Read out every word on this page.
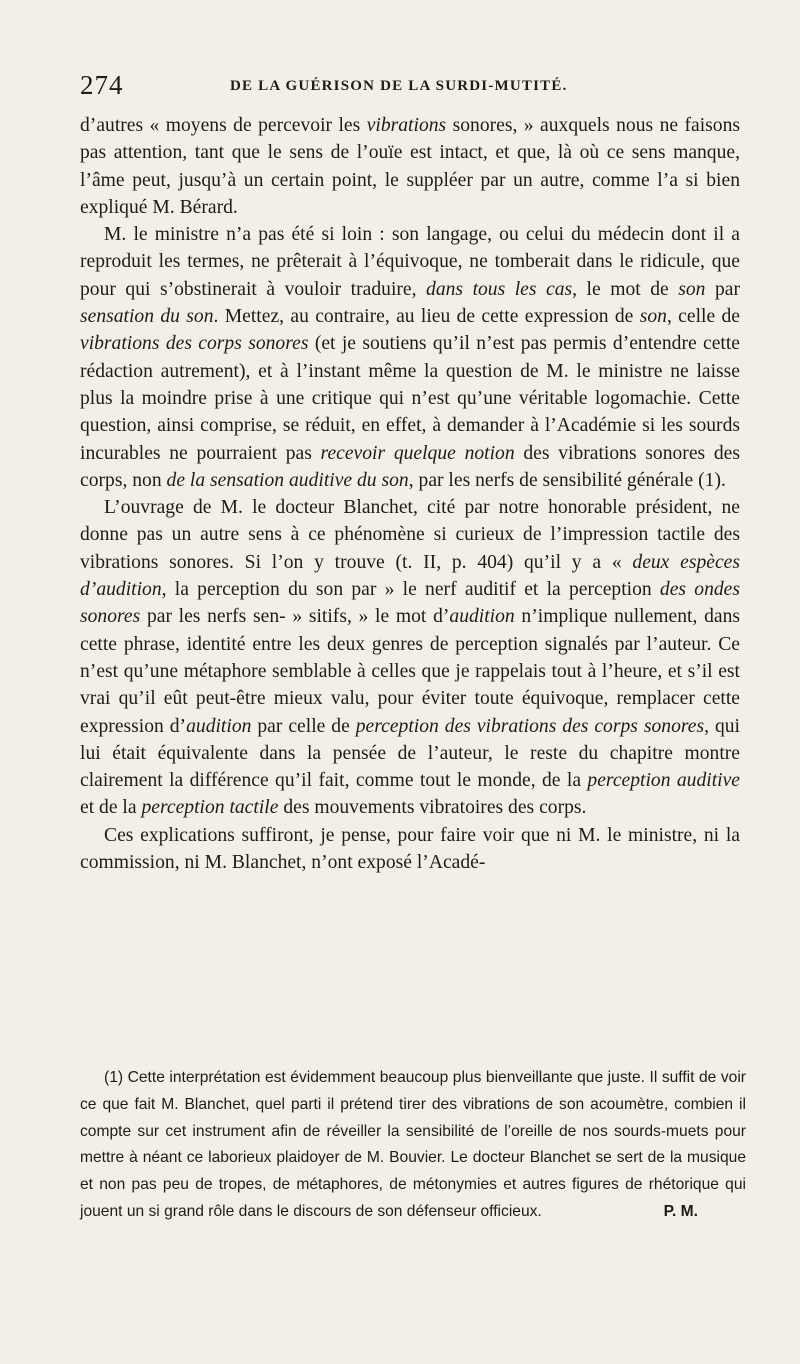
274	DE LA GUÉRISON DE LA SURDI-MUTITÉ.

d’autres « moyens de percevoir les vibrations sonores, » auxquels nous ne faisons pas attention, tant que le sens de l’ouïe est intact, et que, là où ce sens manque, l’âme peut, jusqu’à un certain point, le suppléer par un autre, comme l’a si bien expliqué M. Bérard.

M. le ministre n’a pas été si loin : son langage, ou celui du médecin dont il a reproduit les termes, ne prêterait à l’équivoque, ne tomberait dans le ridicule, que pour qui s’obstinerait à vouloir traduire, dans tous les cas, le mot de son par sensation du son. Mettez, au contraire, au lieu de cette expression de son, celle de vibrations des corps sonores (et je soutiens qu’il n’est pas permis d’entendre cette rédaction autrement), et à l’instant même la question de M. le ministre ne laisse plus la moindre prise à une critique qui n’est qu’une véritable logomachie. Cette question, ainsi comprise, se réduit, en effet, à demander à l’Académie si les sourds incurables ne pourraient pas recevoir quelque notion des vibrations sonores des corps, non de la sensation auditive du son, par les nerfs de sensibilité générale (1).

L’ouvrage de M. le docteur Blanchet, cité par notre honorable président, ne donne pas un autre sens à ce phénomène si curieux de l’impression tactile des vibrations sonores. Si l’on y trouve (t. II, p. 404) qu’il y a « deux espèces d’audition, la perception du son par » le nerf auditif et la perception des ondes sonores par les nerfs sen- » sitifs, » le mot d’audition n’implique nullement, dans cette phrase, identité entre les deux genres de perception signalés par l’auteur. Ce n’est qu’une métaphore semblable à celles que je rappelais tout à l’heure, et s’il est vrai qu’il eût peut-être mieux valu, pour éviter toute équivoque, remplacer cette expression d’audition par celle de perception des vibrations des corps sonores, qui lui était équivalente dans la pensée de l’auteur, le reste du chapitre montre clairement la différence qu’il fait, comme tout le monde, de la perception auditive et de la perception tactile des mouvements vibratoires des corps.

Ces explications suffiront, je pense, pour faire voir que ni M. le ministre, ni la commission, ni M. Blanchet, n’ont exposé l’Acadé-

(1) Cette interprétation est évidemment beaucoup plus bienveillante que juste. Il suffit de voir ce que fait M. Blanchet, quel parti il prétend tirer des vibrations de son acoumètre, combien il compte sur cet instrument afin de réveiller la sensibilité de l’oreille de nos sourds-muets pour mettre à néant ce laborieux plaidoyer de M. Bouvier. Le docteur Blanchet se sert de la musique et non pas peu de tropes, de métaphores, de métonymies et autres figures de rhétorique qui jouent un si grand rôle dans le discours de son défenseur officieux.	P. M.
